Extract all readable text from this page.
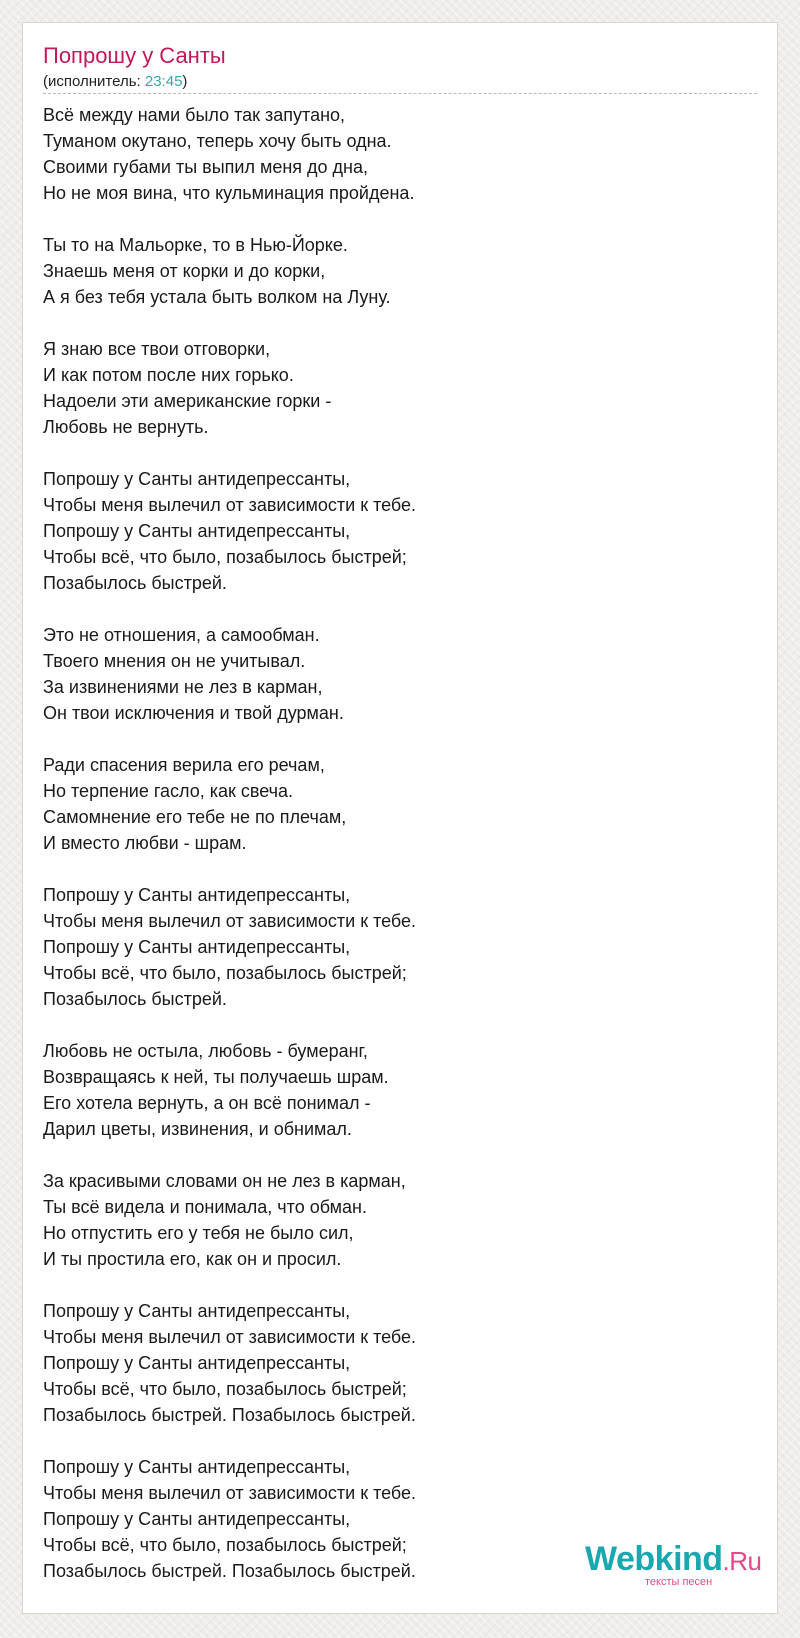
Попрошу у Санты
(исполнитель: 23:45)
Всё между нами было так запутано,
Туманом окутано, теперь хочу быть одна.
Своими губами ты выпил меня до дна,
Но не моя вина, что кульминация пройдена.
Ты то на Мальорке, то в Нью-Йорке.
Знаешь меня от корки и до корки,
А я без тебя устала быть волком на Луну.
Я знаю все твои отговорки,
И как потом после них горько.
Надоели эти американские горки -
Любовь не вернуть.
Попрошу у Санты антидепрессанты,
Чтобы меня вылечил от зависимости к тебе.
Попрошу у Санты антидепрессанты,
Чтобы всё, что было, позабылось быстрей;
Позабылось быстрей.
Это не отношения, а самообман.
Твоего мнения он не учитывал.
За извинениями не лез в карман,
Он твои исключения и твой дурман.
Ради спасения верила его речам,
Но терпение гасло, как свеча.
Самомнение его тебе не по плечам,
И вместо любви - шрам.
Попрошу у Санты антидепрессанты,
Чтобы меня вылечил от зависимости к тебе.
Попрошу у Санты антидепрессанты,
Чтобы всё, что было, позабылось быстрей;
Позабылось быстрей.
Любовь не остыла, любовь - бумеранг,
Возвращаясь к ней, ты получаешь шрам.
Его хотела вернуть, а он всё понимал -
Дарил цветы, извинения, и обнимал.
За красивыми словами он не лез в карман,
Ты всё видела и понимала, что обман.
Но отпустить его у тебя не было сил,
И ты простила его, как он и просил.
Попрошу у Санты антидепрессанты,
Чтобы меня вылечил от зависимости к тебе.
Попрошу у Санты антидепрессанты,
Чтобы всё, что было, позабылось быстрей;
Позабылось быстрей. Позабылось быстрей.
Попрошу у Санты антидепрессанты,
Чтобы меня вылечил от зависимости к тебе.
Попрошу у Санты антидепрессанты,
Чтобы всё, что было, позабылось быстрей;
Позабылось быстрей. Позабылось быстрей.	Webkind.Ru
тексты песен
